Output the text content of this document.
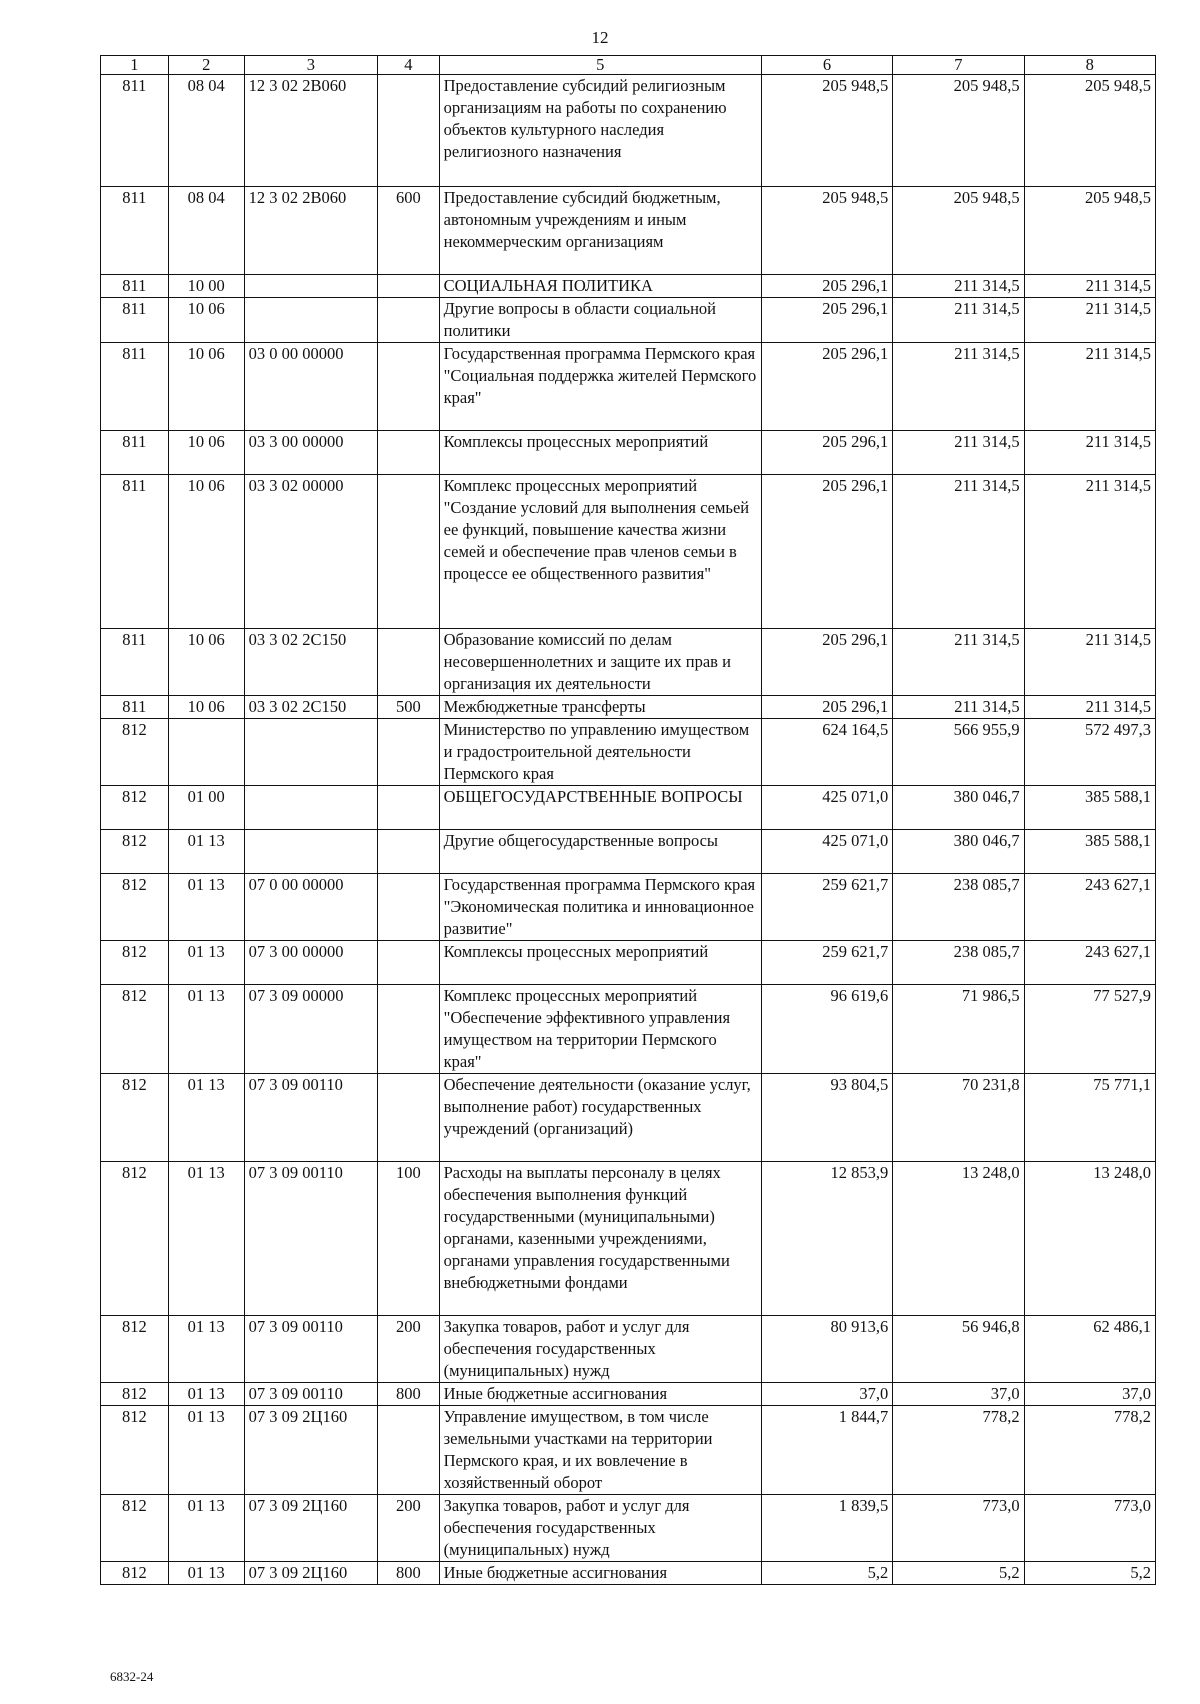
12
1	2	3	4	5	6	7	8
811	08 04	12 3 02 2В060		Предоставление субсидий религиозным организациям на работы по сохранению объектов культурного наследия религиозного назначения	205 948,5	205 948,5	205 948,5
811	08 04	12 3 02 2В060	600	Предоставление субсидий бюджетным, автономным учреждениям и иным некоммерческим организациям	205 948,5	205 948,5	205 948,5
811	10 00			СОЦИАЛЬНАЯ ПОЛИТИКА	205 296,1	211 314,5	211 314,5
811	10 06			Другие вопросы в области социальной политики	205 296,1	211 314,5	211 314,5
811	10 06	03 0 00 00000		Государственная программа Пермского края "Социальная поддержка жителей Пермского края"	205 296,1	211 314,5	211 314,5
811	10 06	03 3 00 00000		Комплексы процессных мероприятий	205 296,1	211 314,5	211 314,5
811	10 06	03 3 02 00000		Комплекс процессных мероприятий "Создание условий для выполнения семьей ее функций, повышение качества жизни семей и обеспечение прав членов семьи в процессе ее общественного развития"	205 296,1	211 314,5	211 314,5
811	10 06	03 3 02 2С150		Образование комиссий по делам несовершеннолетних и защите их прав и организация их деятельности	205 296,1	211 314,5	211 314,5
811	10 06	03 3 02 2С150	500	Межбюджетные трансферты	205 296,1	211 314,5	211 314,5
812				Министерство по управлению имуществом и градостроительной деятельности Пермского края	624 164,5	566 955,9	572 497,3
812	01 00			ОБЩЕГОСУДАРСТВЕННЫЕ ВОПРОСЫ	425 071,0	380 046,7	385 588,1
812	01 13			Другие общегосударственные вопросы	425 071,0	380 046,7	385 588,1
812	01 13	07 0 00 00000		Государственная программа Пермского края "Экономическая политика и инновационное развитие"	259 621,7	238 085,7	243 627,1
812	01 13	07 3 00 00000		Комплексы процессных мероприятий	259 621,7	238 085,7	243 627,1
812	01 13	07 3 09 00000		Комплекс процессных мероприятий "Обеспечение эффективного управления имуществом на территории Пермского края"	96 619,6	71 986,5	77 527,9
812	01 13	07 3 09 00110		Обеспечение деятельности (оказание услуг, выполнение работ) государственных учреждений (организаций)	93 804,5	70 231,8	75 771,1
812	01 13	07 3 09 00110	100	Расходы на выплаты персоналу в целях обеспечения выполнения функций государственными (муниципальными) органами, казенными учреждениями, органами управления государственными внебюджетными фондами	12 853,9	13 248,0	13 248,0
812	01 13	07 3 09 00110	200	Закупка товаров, работ и услуг для обеспечения государственных (муниципальных) нужд	80 913,6	56 946,8	62 486,1
812	01 13	07 3 09 00110	800	Иные бюджетные ассигнования	37,0	37,0	37,0
812	01 13	07 3 09 2Ц160		Управление имуществом, в том числе земельными участками на территории Пермского края, и их вовлечение в хозяйственный оборот	1 844,7	778,2	778,2
812	01 13	07 3 09 2Ц160	200	Закупка товаров, работ и услуг для обеспечения государственных (муниципальных) нужд	1 839,5	773,0	773,0
812	01 13	07 3 09 2Ц160	800	Иные бюджетные ассигнования	5,2	5,2	5,2
6832-24
